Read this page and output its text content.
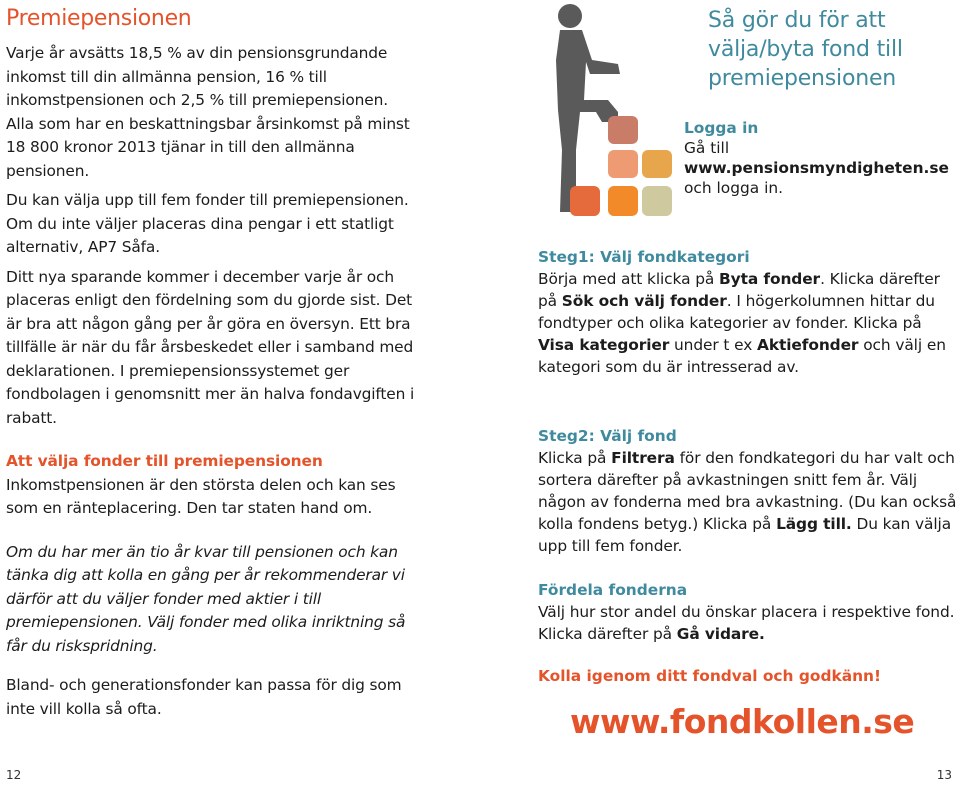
Premiepensionen

Varje år avsätts 18,5 % av din pensionsgrundande inkomst till din allmänna pension, 16 % till inkomstpensionen och 2,5 % till premiepensionen. Alla som har en beskattningsbar årsinkomst på minst 18 800 kronor 2013 tjänar in till den allmänna pensionen.

Du kan välja upp till fem fonder till premiepensionen. Om du inte väljer placeras dina pengar i ett statligt alternativ, AP7 Såfa.

Ditt nya sparande kommer i december varje år och placeras enligt den fördelning som du gjorde sist. Det är bra att någon gång per år göra en översyn. Ett bra tillfälle är när du får årsbeskedet eller i samband med deklarationen. I premiepensionssystemet ger fondbolagen i genomsnitt mer än halva fondavgiften i rabatt.

Att välja fonder till premiepensionen

Inkomstpensionen är den största delen och kan ses som en ränteplacering. Den tar staten hand om.

Om du har mer än tio år kvar till pensionen och kan tänka dig att kolla en gång per år rekommenderar vi därför att du väljer fonder med aktier i till premiepensionen. Välj fonder med olika inriktning så får du riskspridning.

Bland- och generationsfonder kan passa för dig som inte vill kolla så ofta.

12
Så gör du för att välja/byta fond till premiepensionen
Logga in
Gå till
www.pensionsmyndigheten.se
och logga in.
Steg1: Välj fondkategori

Börja med att klicka på Byta fonder. Klicka därefter på Sök och välj fonder. I högerkolumnen hittar du fondtyper och olika kategorier av fonder. Klicka på Visa kategorier under t ex Aktiefonder och välj en kategori som du är intresserad av.

Steg2: Välj fond

Klicka på Filtrera för den fondkategori du har valt och sortera därefter på avkastningen snitt fem år. Välj någon av fonderna med bra avkastning. (Du kan också kolla fondens betyg.) Klicka på Lägg till. Du kan välja upp till fem fonder.

Fördela fonderna

Välj hur stor andel du önskar placera i respektive fond. Klicka därefter på Gå vidare.

Kolla igenom ditt fondval och godkänn!

www.fondkollen.se

13
